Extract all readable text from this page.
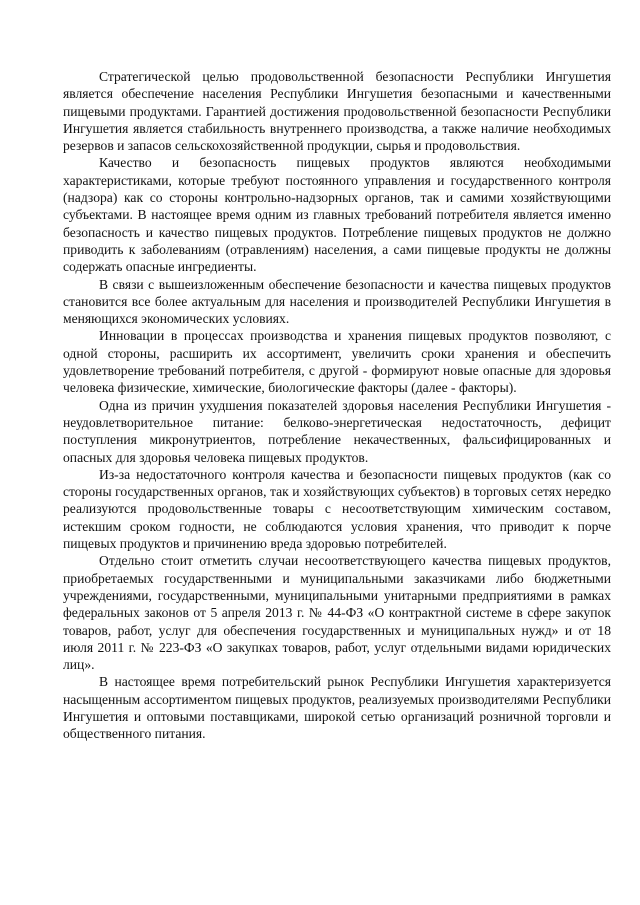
Стратегической целью продовольственной безопасности Республики Ингушетия является обеспечение населения Республики Ингушетия безопасными и качественными пищевыми продуктами. Гарантией достижения продовольственной безопасности Республики Ингушетия является стабильность внутреннего производства, а также наличие необходимых резервов и запасов сельскохозяйственной продукции, сырья и продовольствия.

Качество и безопасность пищевых продуктов являются необходимыми характеристиками, которые требуют постоянного управления и государственного контроля (надзора) как со стороны контрольно-надзорных органов, так и самими хозяйствующими субъектами. В настоящее время одним из главных требований потребителя является именно безопасность и качество пищевых продуктов. Потребление пищевых продуктов не должно приводить к заболеваниям (отравлениям) населения, а сами пищевые продукты не должны содержать опасные ингредиенты.

В связи с вышеизложенным обеспечение безопасности и качества пищевых продуктов становится все более актуальным для населения и производителей Республики Ингушетия в меняющихся экономических условиях.

Инновации в процессах производства и хранения пищевых продуктов позволяют, с одной стороны, расширить их ассортимент, увеличить сроки хранения и обеспечить удовлетворение требований потребителя, с другой - формируют новые опасные для здоровья человека физические, химические, биологические факторы (далее - факторы).

Одна из причин ухудшения показателей здоровья населения Республики Ингушетия - неудовлетворительное питание: белково-энергетическая недостаточность, дефицит поступления микронутриентов, потребление некачественных, фальсифицированных и опасных для здоровья человека пищевых продуктов.

Из-за недостаточного контроля качества и безопасности пищевых продуктов (как со стороны государственных органов, так и хозяйствующих субъектов) в торговых сетях нередко реализуются продовольственные товары с несоответствующим химическим составом, истекшим сроком годности, не соблюдаются условия хранения, что приводит к порче пищевых продуктов и причинению вреда здоровью потребителей.

Отдельно стоит отметить случаи несоответствующего качества пищевых продуктов, приобретаемых государственными и муниципальными заказчиками либо бюджетными учреждениями, государственными, муниципальными унитарными предприятиями в рамках федеральных законов от 5 апреля 2013 г. № 44-ФЗ «О контрактной системе в сфере закупок товаров, работ, услуг для обеспечения государственных и муниципальных нужд» и от 18 июля 2011 г. № 223-ФЗ «О закупках товаров, работ, услуг отдельными видами юридических лиц».

В настоящее время потребительский рынок Республики Ингушетия характеризуется насыщенным ассортиментом пищевых продуктов, реализуемых производителями Республики Ингушетия и оптовыми поставщиками, широкой сетью организаций розничной торговли и общественного питания.
